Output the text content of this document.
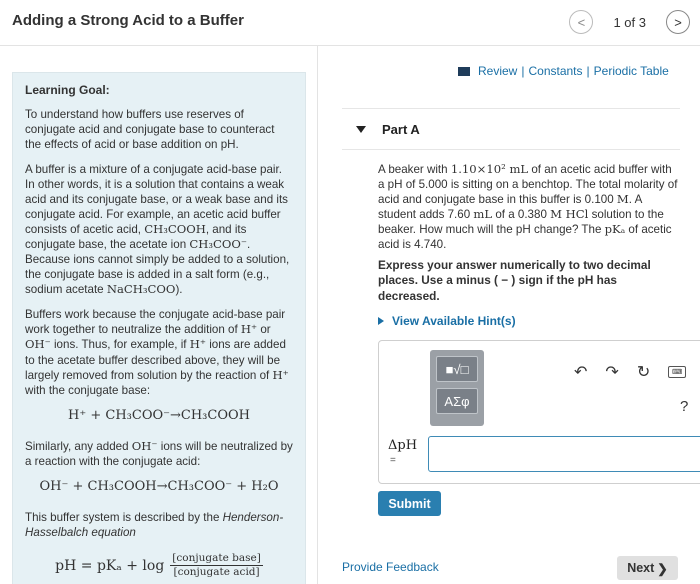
Adding a Strong Acid to a Buffer	< 1 of 3 >
Learning Goal:

To understand how buffers use reserves of conjugate acid and conjugate base to counteract the effects of acid or base addition on pH.

A buffer is a mixture of a conjugate acid-base pair. In other words, it is a solution that contains a weak acid and its conjugate base, or a weak base and its conjugate acid. For example, an acetic acid buffer consists of acetic acid, CH₃COOH, and its conjugate base, the acetate ion CH₃COO⁻. Because ions cannot simply be added to a solution, the conjugate base is added in a salt form (e.g., sodium acetate NaCH₃COO).

Buffers work because the conjugate acid-base pair work together to neutralize the addition of H⁺ or OH⁻ ions. Thus, for example, if H⁺ ions are added to the acetate buffer described above, they will be largely removed from solution by the reaction of H⁺ with the conjugate base:

H⁺ + CH₃COO⁻→CH₃COOH

Similarly, any added OH⁻ ions will be neutralized by a reaction with the conjugate acid:

OH⁻ + CH₃COOH→CH₃COO⁻ + H₂O

This buffer system is described by the Henderson-Hasselbalch equation

pH = $pK_a + \log \frac{\text{[conjugate base]}}{\text{[conjugate acid]}}$
Review | Constants | Periodic Table
Part A
A beaker with 1.10×10² mL of an acetic acid buffer with a pH of 5.000 is sitting on a benchtop. The total molarity of acid and conjugate base in this buffer is 0.100 M. A student adds 7.60 mL of a 0.380 M HCl solution to the beaker. How much will the pH change? The pKₐ of acetic acid is 4.740.
Express your answer numerically to two decimal places. Use a minus ( − ) sign if the pH has decreased.
View Available Hint(s)
■√□
ΑΣφ
↶ ↷ ↻	⌨
?
ΔpH
=
Submit
Provide Feedback	Next ❯
